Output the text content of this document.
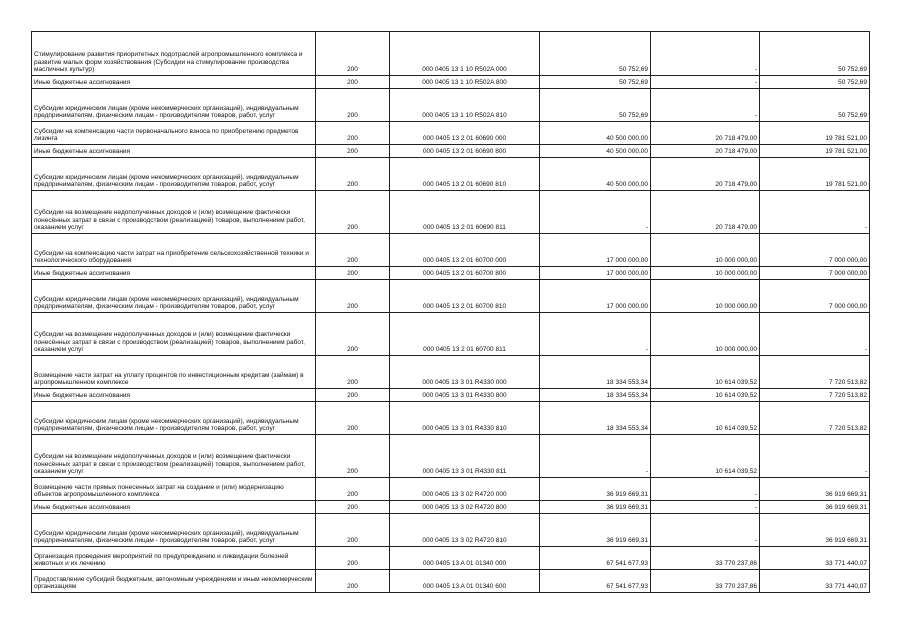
Стимулирование развития приоритетных подотраслей агропромышленного комплекса и развитие малых форм хозяйствования (Субсидии на стимулирование производства масличных культур)	200	000 0405 13 1 10 R502A 000	50 752,69	-	50 752,69
Иные бюджетные ассигнования	200	000 0405 13 1 10 R502A 800	50 752,69	-	50 752,69
Субсидии юридическим лицам (кроме некоммерческих организаций), индивидуальным предпринимателям, физическим лицам - производителям товаров, работ, услуг	200	000 0405 13 1 10 R502A 810	50 752,69	-	50 752,69
Субсидии на компенсацию части первоначального взноса по приобретению предметов лизинга	200	000 0405 13 2 01 60690 000	40 500 000,00	20 718 479,00	19 781 521,00
Иные бюджетные ассигнования	200	000 0405 13 2 01 60690 800	40 500 000,00	20 718 479,00	19 781 521,00
Субсидии юридическим лицам (кроме некоммерческих организаций), индивидуальным предпринимателям, физическим лицам - производителям товаров, работ, услуг	200	000 0405 13 2 01 60690 810	40 500 000,00	20 718 479,00	19 781 521,00
Субсидии на возмещение недополученных доходов и (или) возмещение фактически понесённых затрат в связи с производством (реализацией) товаров, выполнением работ, оказанием услуг	200	000 0405 13 2 01 60690 811	-	20 718 479,00	-
Субсидии на компенсацию части затрат на приобретение сельскохозяйственной техники и технологического оборудования	200	000 0405 13 2 01 60700 000	17 000 000,00	10 000 000,00	7 000 000,00
Иные бюджетные ассигнования	200	000 0405 13 2 01 60700 800	17 000 000,00	10 000 000,00	7 000 000,00
Субсидии юридическим лицам (кроме некоммерческих организаций), индивидуальным предпринимателям, физическим лицам - производителям товаров, работ, услуг	200	000 0405 13 2 01 60700 810	17 000 000,00	10 000 000,00	7 000 000,00
Субсидии на возмещение недополученных доходов и (или) возмещение фактически понесённых затрат в связи с производством (реализацией) товаров, выполнением работ, оказанием услуг	200	000 0405 13 2 01 60700 811	-	10 000 000,00	-
Возмещение части затрат на уплату процентов по инвестиционным кредитам (займам) в агропромышленном комплексе	200	000 0405 13 3 01 R4330 000	18 334 553,34	10 614 039,52	7 720 513,82
Иные бюджетные ассигнования	200	000 0405 13 3 01 R4330 800	18 334 553,34	10 614 039,52	7 720 513,82
Субсидии юридическим лицам (кроме некоммерческих организаций), индивидуальным предпринимателям, физическим лицам - производителям товаров, работ, услуг	200	000 0405 13 3 01 R4330 810	18 334 553,34	10 614 039,52	7 720 513,82
Субсидии на возмещение недополученных доходов и (или) возмещение фактически понесённых затрат в связи с производством (реализацией) товаров, выполнением работ, оказанием услуг	200	000 0405 13 3 01 R4330 811	-	10 614 039,52	-
Возмещение части прямых понесенных затрат на создание и (или) модернизацию объектов агропромышленного комплекса	200	000 0405 13 3 02 R4720 000	36 919 669,31	-	36 919 669,31
Иные бюджетные ассигнования	200	000 0405 13 3 02 R4720 800	36 919 669,31	-	36 919 669,31
Субсидии юридическим лицам (кроме некоммерческих организаций), индивидуальным предпринимателям, физическим лицам - производителям товаров, работ, услуг	200	000 0405 13 3 02 R4720 810	36 919 669,31	-	36 919 669,31
Организация проведения мероприятий по предупреждению и ликвидации болезней животных и их лечению	200	000 0405 13 A 01 01340 000	67 541 677,93	33 770 237,86	33 771 440,07
Предоставление субсидий бюджетным, автономным учреждениям и иным некоммерческим организациям	200	000 0405 13 A 01 01340 600	67 541 677,93	33 770 237,86	33 771 440,07
